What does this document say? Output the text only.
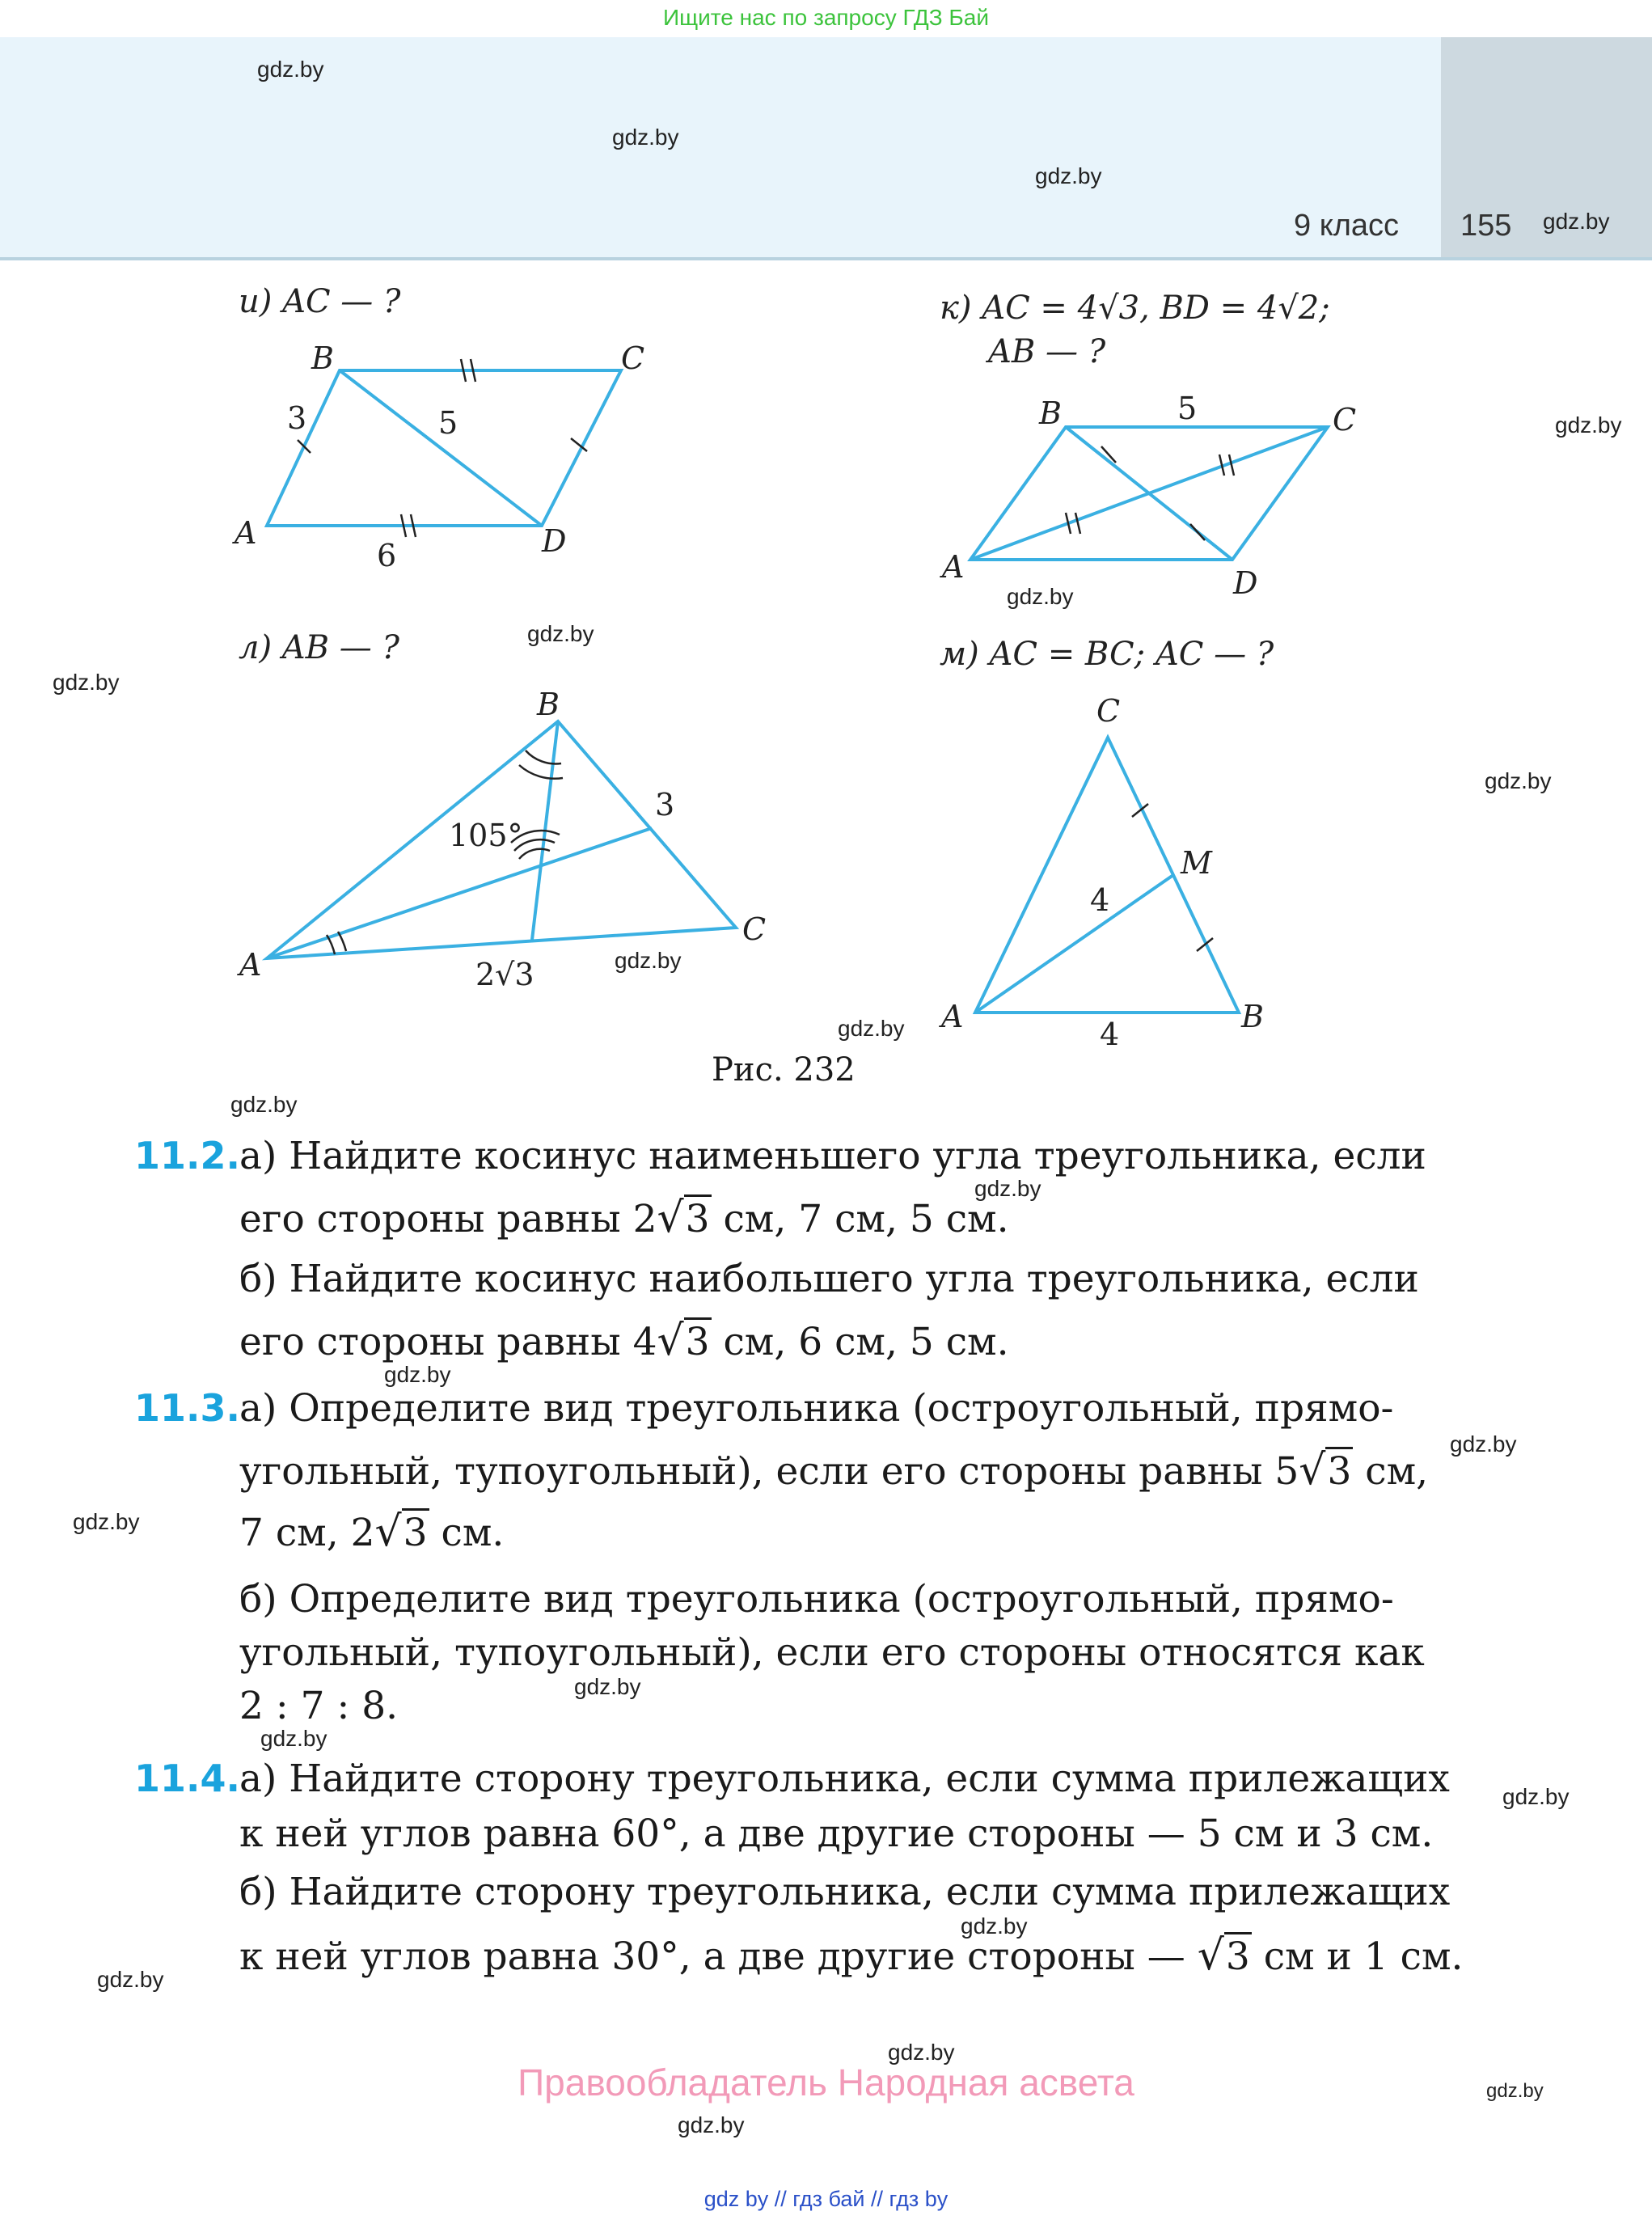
Ищите нас по запросу ГДЗ Бай
9 класс 155
gdz.by
gdz.by
gdz.by
gdz.by
gdz.by
gdz.by
gdz.by
gdz.by
gdz.by
gdz.by
gdz.by
gdz.by
gdz.by
gdz.by
gdz.by
gdz.by
gdz.by
gdz.by
gdz.by
gdz.by
gdz.by
gdz.by
gdz.by
gdz.by
и) AC — ?	к) AC = 4√3, BD = 4√2;
AB — ?
л) AB — ?	м) AC = BC; AC — ?
A
B	C
D
3	5
6	A
B	C
D
5
A
B
C
105°
3
2√3
A	B
C
M
4
4
Рис. 232
11.2. а) Найдите косинус наименьшего угла треугольника, если
его стороны равны 2√3 см, 7 см, 5 см.
б) Найдите косинус наибольшего угла треугольника, если
его стороны равны 4√3 см, 6 см, 5 см.
11.3. а) Определите вид треугольника (остроугольный, прямо-
угольный, тупоугольный), если его стороны равны 5√3 см,
7 см, 2√3 см.
б) Определите вид треугольника (остроугольный, прямо-
угольный, тупоугольный), если его стороны относятся как
2 : 7 : 8.
11.4. а) Найдите сторону треугольника, если сумма прилежащих
к ней углов равна 60°, а две другие стороны — 5 см и 3 см.
б) Найдите сторону треугольника, если сумма прилежащих
к ней углов равна 30°, а две другие стороны — √3 см и 1 см.
Правообладатель Народная асвета
gdz by // гдз бай // гдз by
